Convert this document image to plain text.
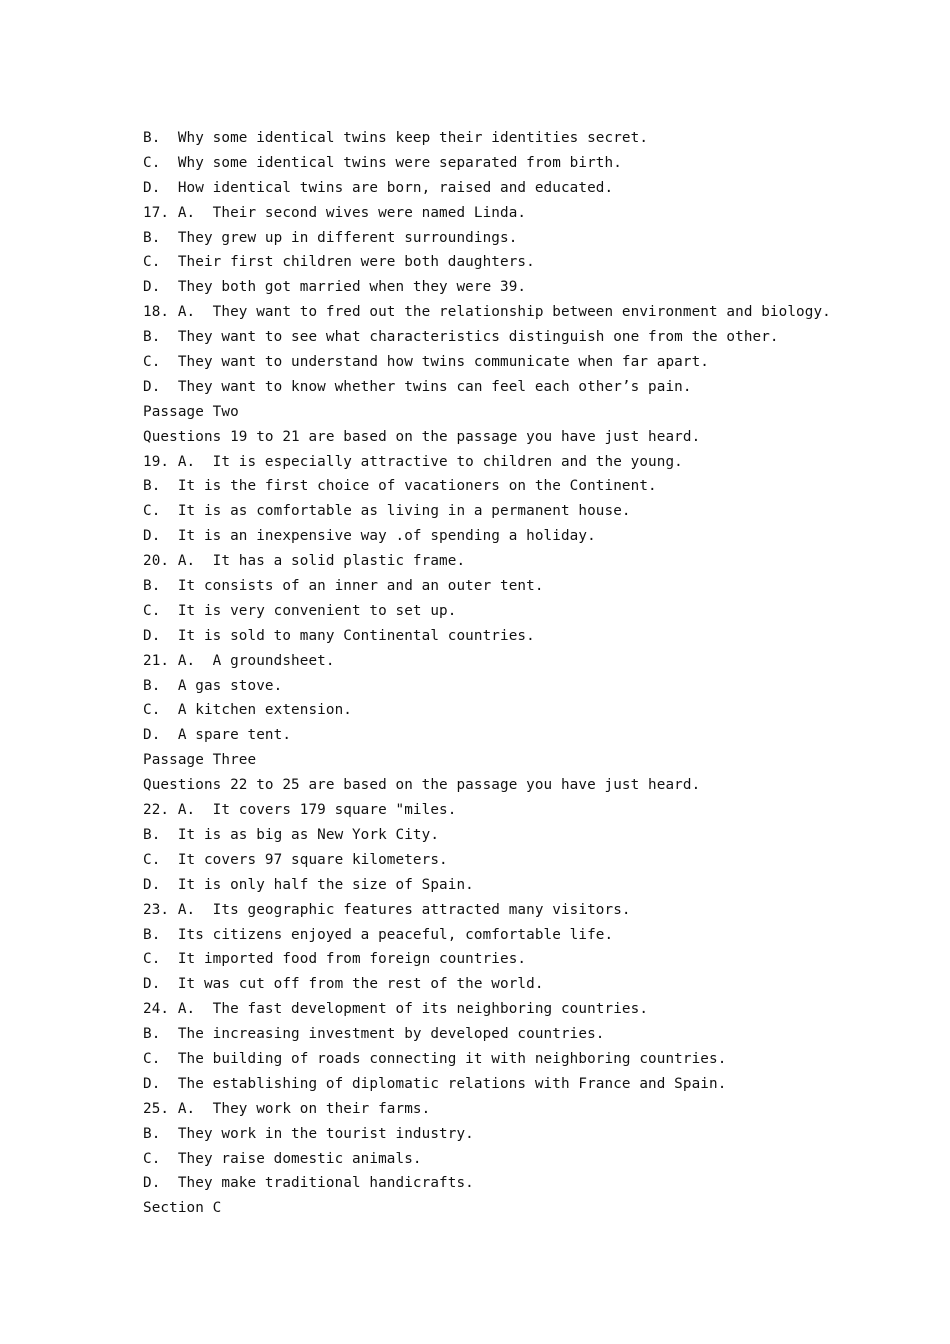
B.  Why some identical twins keep their identities secret.
C.  Why some identical twins were separated from birth.
D.  How identical twins are born, raised and educated.
17. A.  Their second wives were named Linda.
B.  They grew up in different surroundings.
C.  Their first children were both daughters.
D.  They both got married when they were 39.
18. A.  They want to fred out the relationship between environment and biology.
B.  They want to see what characteristics distinguish one from the other.
C.  They want to understand how twins communicate when far apart.
D.  They want to know whether twins can feel each other’s pain.
Passage Two
Questions 19 to 21 are based on the passage you have just heard.
19. A.  It is especially attractive to children and the young.
B.  It is the first choice of vacationers on the Continent.
C.  It is as comfortable as living in a permanent house.
D.  It is an inexpensive way .of spending a holiday.
20. A.  It has a solid plastic frame.
B.  It consists of an inner and an outer tent.
C.  It is very convenient to set up.
D.  It is sold to many Continental countries.
21. A.  A groundsheet.
B.  A gas stove.
C.  A kitchen extension.
D.  A spare tent.
Passage Three
Questions 22 to 25 are based on the passage you have just heard.
22. A.  It covers 179 square "miles.
B.  It is as big as New York City.
C.  It covers 97 square kilometers.
D.  It is only half the size of Spain.
23. A.  Its geographic features attracted many visitors.
B.  Its citizens enjoyed a peaceful, comfortable life.
C.  It imported food from foreign countries.
D.  It was cut off from the rest of the world.
24. A.  The fast development of its neighboring countries.
B.  The increasing investment by developed countries.
C.  The building of roads connecting it with neighboring countries.
D.  The establishing of diplomatic relations with France and Spain.
25. A.  They work on their farms.
B.  They work in the tourist industry.
C.  They raise domestic animals.
D.  They make traditional handicrafts.
Section C
